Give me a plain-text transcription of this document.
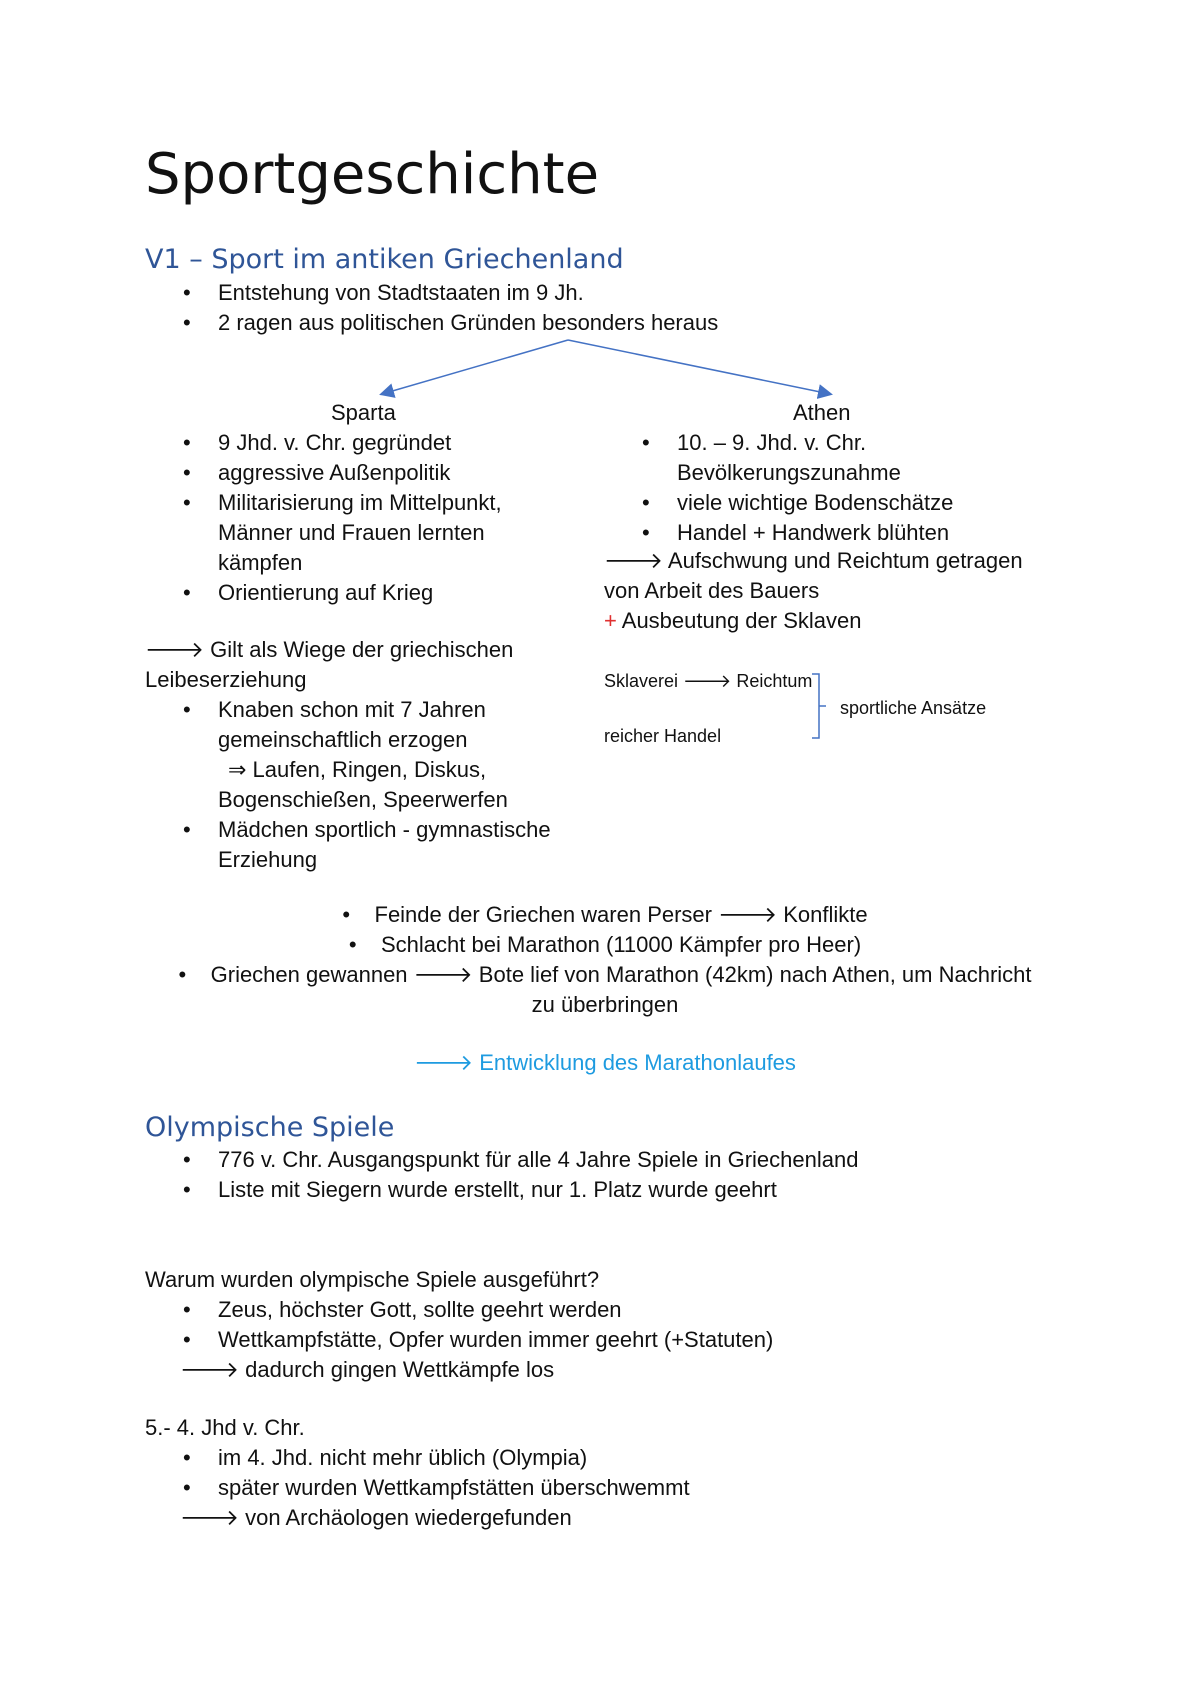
Sportgeschichte
V1 – Sport im antiken Griechenland
• Entstehung von Stadtstaaten im 9 Jh.
• 2 ragen aus politischen Gründen besonders heraus
Sparta
• 9 Jhd. v. Chr. gegründet
• aggressive Außenpolitik
• Militarisierung im Mittelpunkt, Männer und Frauen lernten kämpfen
• Orientierung auf Krieg
🡒 Gilt als Wiege der griechischen Leibeserziehung
• Knaben schon mit 7 Jahren gemeinschaftlich erzogen
⇒ Laufen, Ringen, Diskus, Bogenschießen, Speerwerfen
• Mädchen sportlich - gymnastische Erziehung
Athen
• 10. – 9. Jhd. v. Chr. Bevölkerungszunahme
• viele wichtige Bodenschätze
• Handel + Handwerk blühten
🡒 Aufschwung und Reichtum getragen von Arbeit des Bauers
+ Ausbeutung der Sklaven
Sklaverei 🡒 Reichtum
reicher Handel
sportliche Ansätze
•    Feinde der Griechen waren Perser 🡒 Konflikte
•    Schlacht bei Marathon (11000 Kämpfer pro Heer)
•    Griechen gewannen 🡒 Bote lief von Marathon (42km) nach Athen, um Nachricht
zu überbringen
🡒 Entwicklung des Marathonlaufes
Olympische Spiele
• 776 v. Chr. Ausgangspunkt für alle 4 Jahre Spiele in Griechenland
• Liste mit Siegern wurde erstellt, nur 1. Platz wurde geehrt
Warum wurden olympische Spiele ausgeführt?
• Zeus, höchster Gott, sollte geehrt werden
• Wettkampfstätte, Opfer wurden immer geehrt (+Statuten)
🡒 dadurch gingen Wettkämpfe los
5.- 4. Jhd v. Chr.
• im 4. Jhd. nicht mehr üblich (Olympia)
• später wurden Wettkampfstätten überschwemmt
🡒 von Archäologen wiedergefunden
